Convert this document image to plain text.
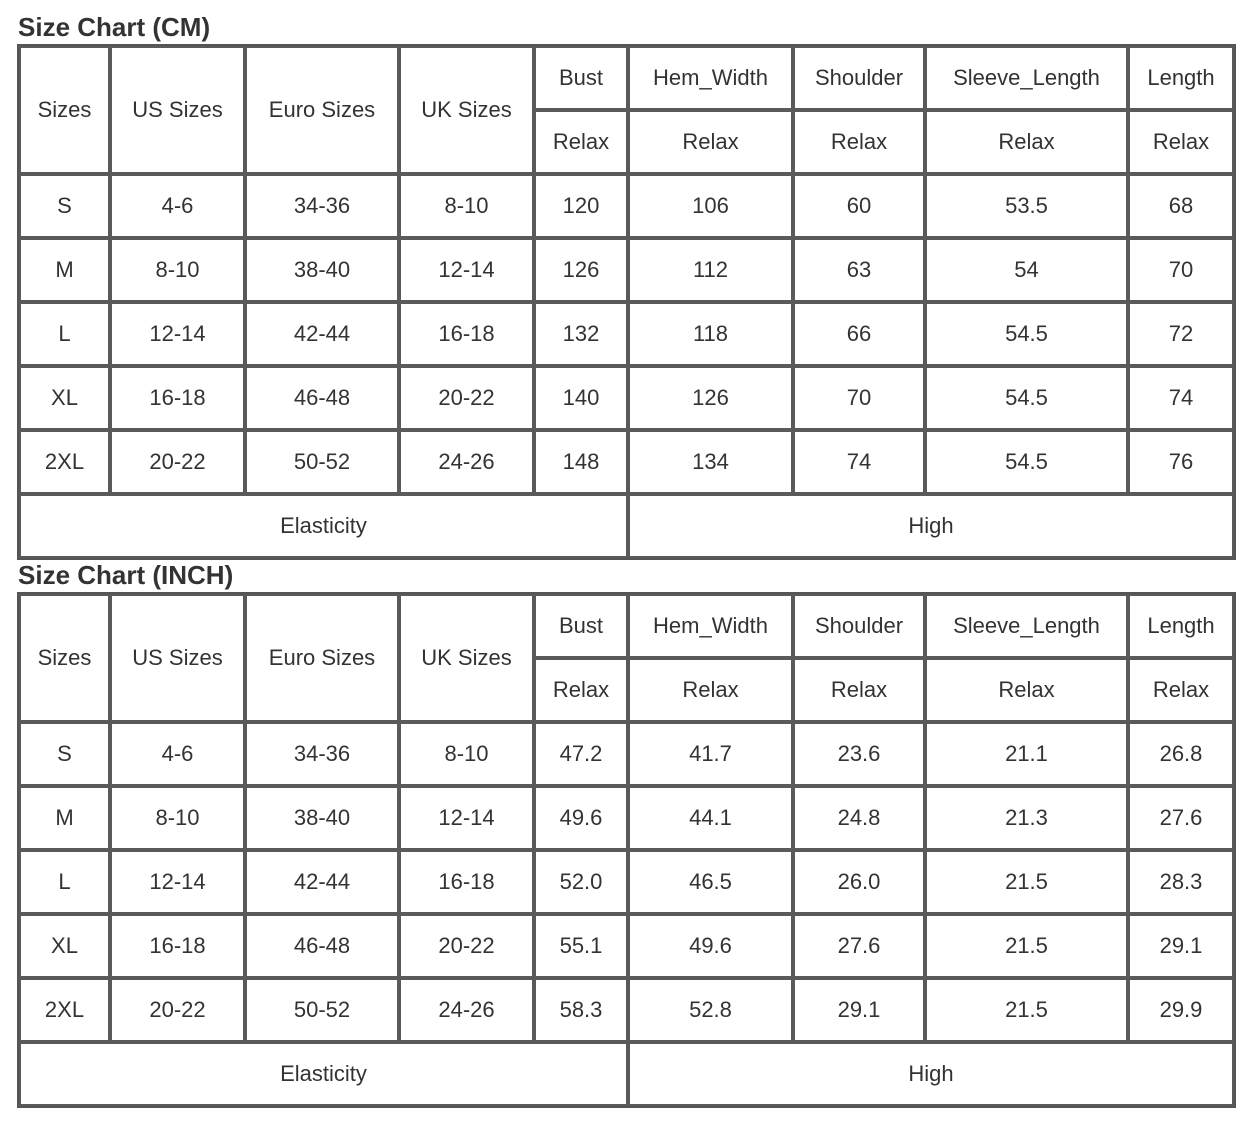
Size Chart (CM)
Sizes	US Sizes	Euro Sizes	UK Sizes	Bust	Hem_Width	Shoulder	Sleeve_Length	Length
				Relax	Relax	Relax	Relax	Relax
S	4-6	34-36	8-10	120	106	60	53.5	68
M	8-10	38-40	12-14	126	112	63	54	70
L	12-14	42-44	16-18	132	118	66	54.5	72
XL	16-18	46-48	20-22	140	126	70	54.5	74
2XL	20-22	50-52	24-26	148	134	74	54.5	76
Elasticity					High			
Size Chart (INCH)
Sizes	US Sizes	Euro Sizes	UK Sizes	Bust	Hem_Width	Shoulder	Sleeve_Length	Length
				Relax	Relax	Relax	Relax	Relax
S	4-6	34-36	8-10	47.2	41.7	23.6	21.1	26.8
M	8-10	38-40	12-14	49.6	44.1	24.8	21.3	27.6
L	12-14	42-44	16-18	52.0	46.5	26.0	21.5	28.3
XL	16-18	46-48	20-22	55.1	49.6	27.6	21.5	29.1
2XL	20-22	50-52	24-26	58.3	52.8	29.1	21.5	29.9
Elasticity					High			
